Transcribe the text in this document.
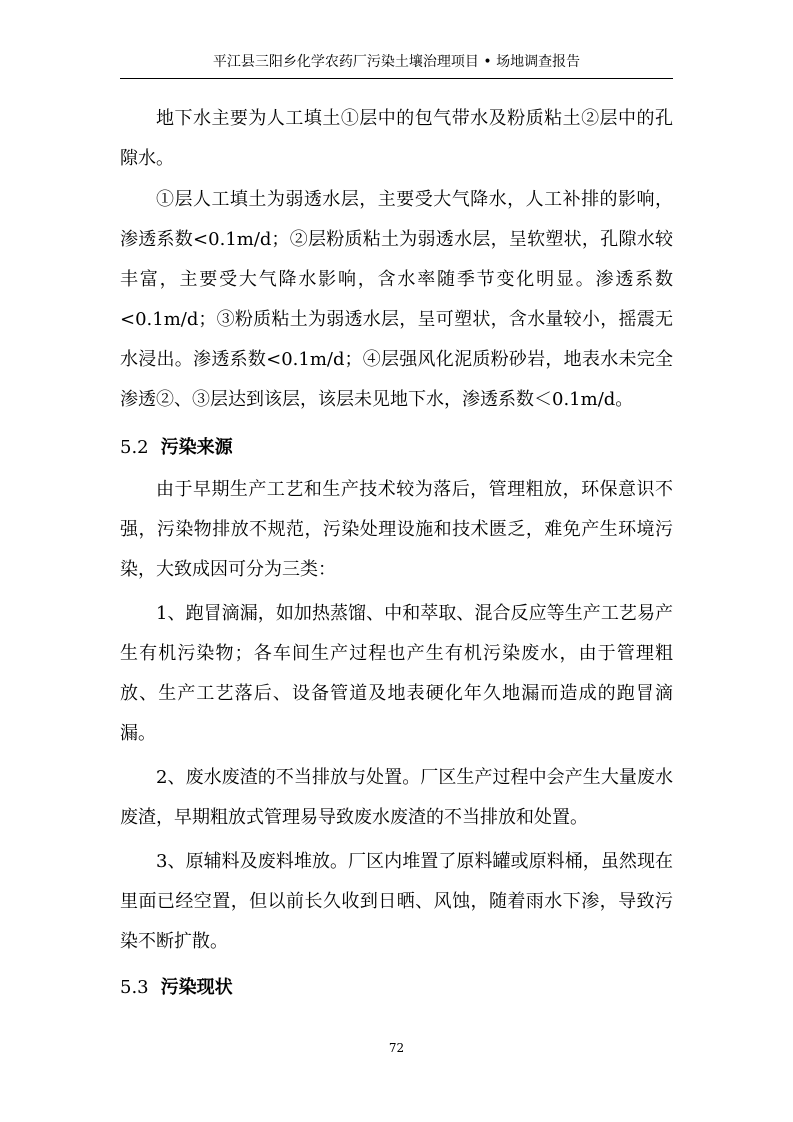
平江县三阳乡化学农药厂污染土壤治理项目 • 场地调查报告

地下水主要为人工填土①层中的包气带水及粉质粘土②层中的孔隙水。

①层人工填土为弱透水层，主要受大气降水，人工补排的影响，渗透系数<0.1m/d；②层粉质粘土为弱透水层，呈软塑状，孔隙水较丰富，主要受大气降水影响，含水率随季节变化明显。渗透系数<0.1m/d；③粉质粘土为弱透水层，呈可塑状，含水量较小，摇震无水浸出。渗透系数<0.1m/d；④层强风化泥质粉砂岩，地表水未完全渗透②、③层达到该层，该层未见地下水，渗透系数＜0.1m/d。

5.2 污染来源

由于早期生产工艺和生产技术较为落后，管理粗放，环保意识不强，污染物排放不规范，污染处理设施和技术匮乏，难免产生环境污染，大致成因可分为三类：

1、跑冒滴漏，如加热蒸馏、中和萃取、混合反应等生产工艺易产生有机污染物；各车间生产过程也产生有机污染废水，由于管理粗放、生产工艺落后、设备管道及地表硬化年久地漏而造成的跑冒滴漏。

2、废水废渣的不当排放与处置。厂区生产过程中会产生大量废水废渣，早期粗放式管理易导致废水废渣的不当排放和处置。

3、原辅料及废料堆放。厂区内堆置了原料罐或原料桶，虽然现在里面已经空置，但以前长久收到日晒、风蚀，随着雨水下渗，导致污染不断扩散。

5.3 污染现状
72
